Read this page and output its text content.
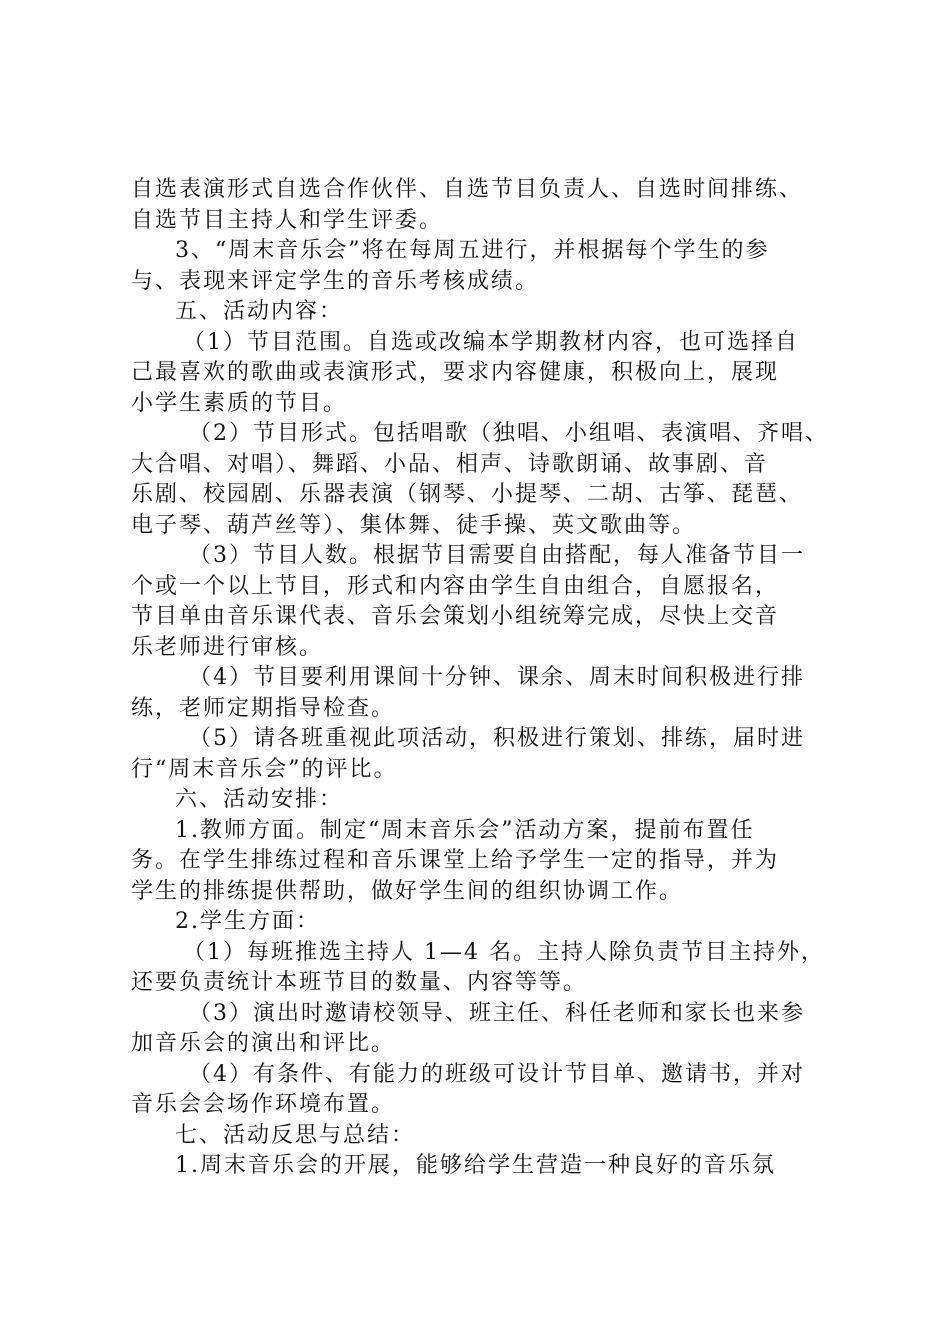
自选表演形式自选合作伙伴、自选节目负责人、自选时间排练、
自选节目主持人和学生评委。
3、“周末音乐会”将在每周五进行，并根据每个学生的参
与、表现来评定学生的音乐考核成绩。
五、活动内容：
（1）节目范围。自选或改编本学期教材内容，也可选择自
己最喜欢的歌曲或表演形式，要求内容健康，积极向上，展现
小学生素质的节目。
（2）节目形式。包括唱歌（独唱、小组唱、表演唱、齐唱、
大合唱、对唱）、舞蹈、小品、相声、诗歌朗诵、故事剧、音
乐剧、校园剧、乐器表演（钢琴、小提琴、二胡、古筝、琵琶、
电子琴、葫芦丝等）、集体舞、徒手操、英文歌曲等。
（3）节目人数。根据节目需要自由搭配，每人准备节目一
个或一个以上节目，形式和内容由学生自由组合，自愿报名，
节目单由音乐课代表、音乐会策划小组统筹完成，尽快上交音
乐老师进行审核。
（4）节目要利用课间十分钟、课余、周末时间积极进行排
练，老师定期指导检查。
（5）请各班重视此项活动，积极进行策划、排练，届时进
行“周末音乐会”的评比。
六、活动安排：
1.教师方面。制定“周末音乐会”活动方案，提前布置任
务。在学生排练过程和音乐课堂上给予学生一定的指导，并为
学生的排练提供帮助，做好学生间的组织协调工作。
2.学生方面：
（1）每班推选主持人 1—4 名。主持人除负责节目主持外，
还要负责统计本班节目的数量、内容等等。
（3）演出时邀请校领导、班主任、科任老师和家长也来参
加音乐会的演出和评比。
（4）有条件、有能力的班级可设计节目单、邀请书，并对
音乐会会场作环境布置。
七、活动反思与总结：
1.周末音乐会的开展，能够给学生营造一种良好的音乐氛
